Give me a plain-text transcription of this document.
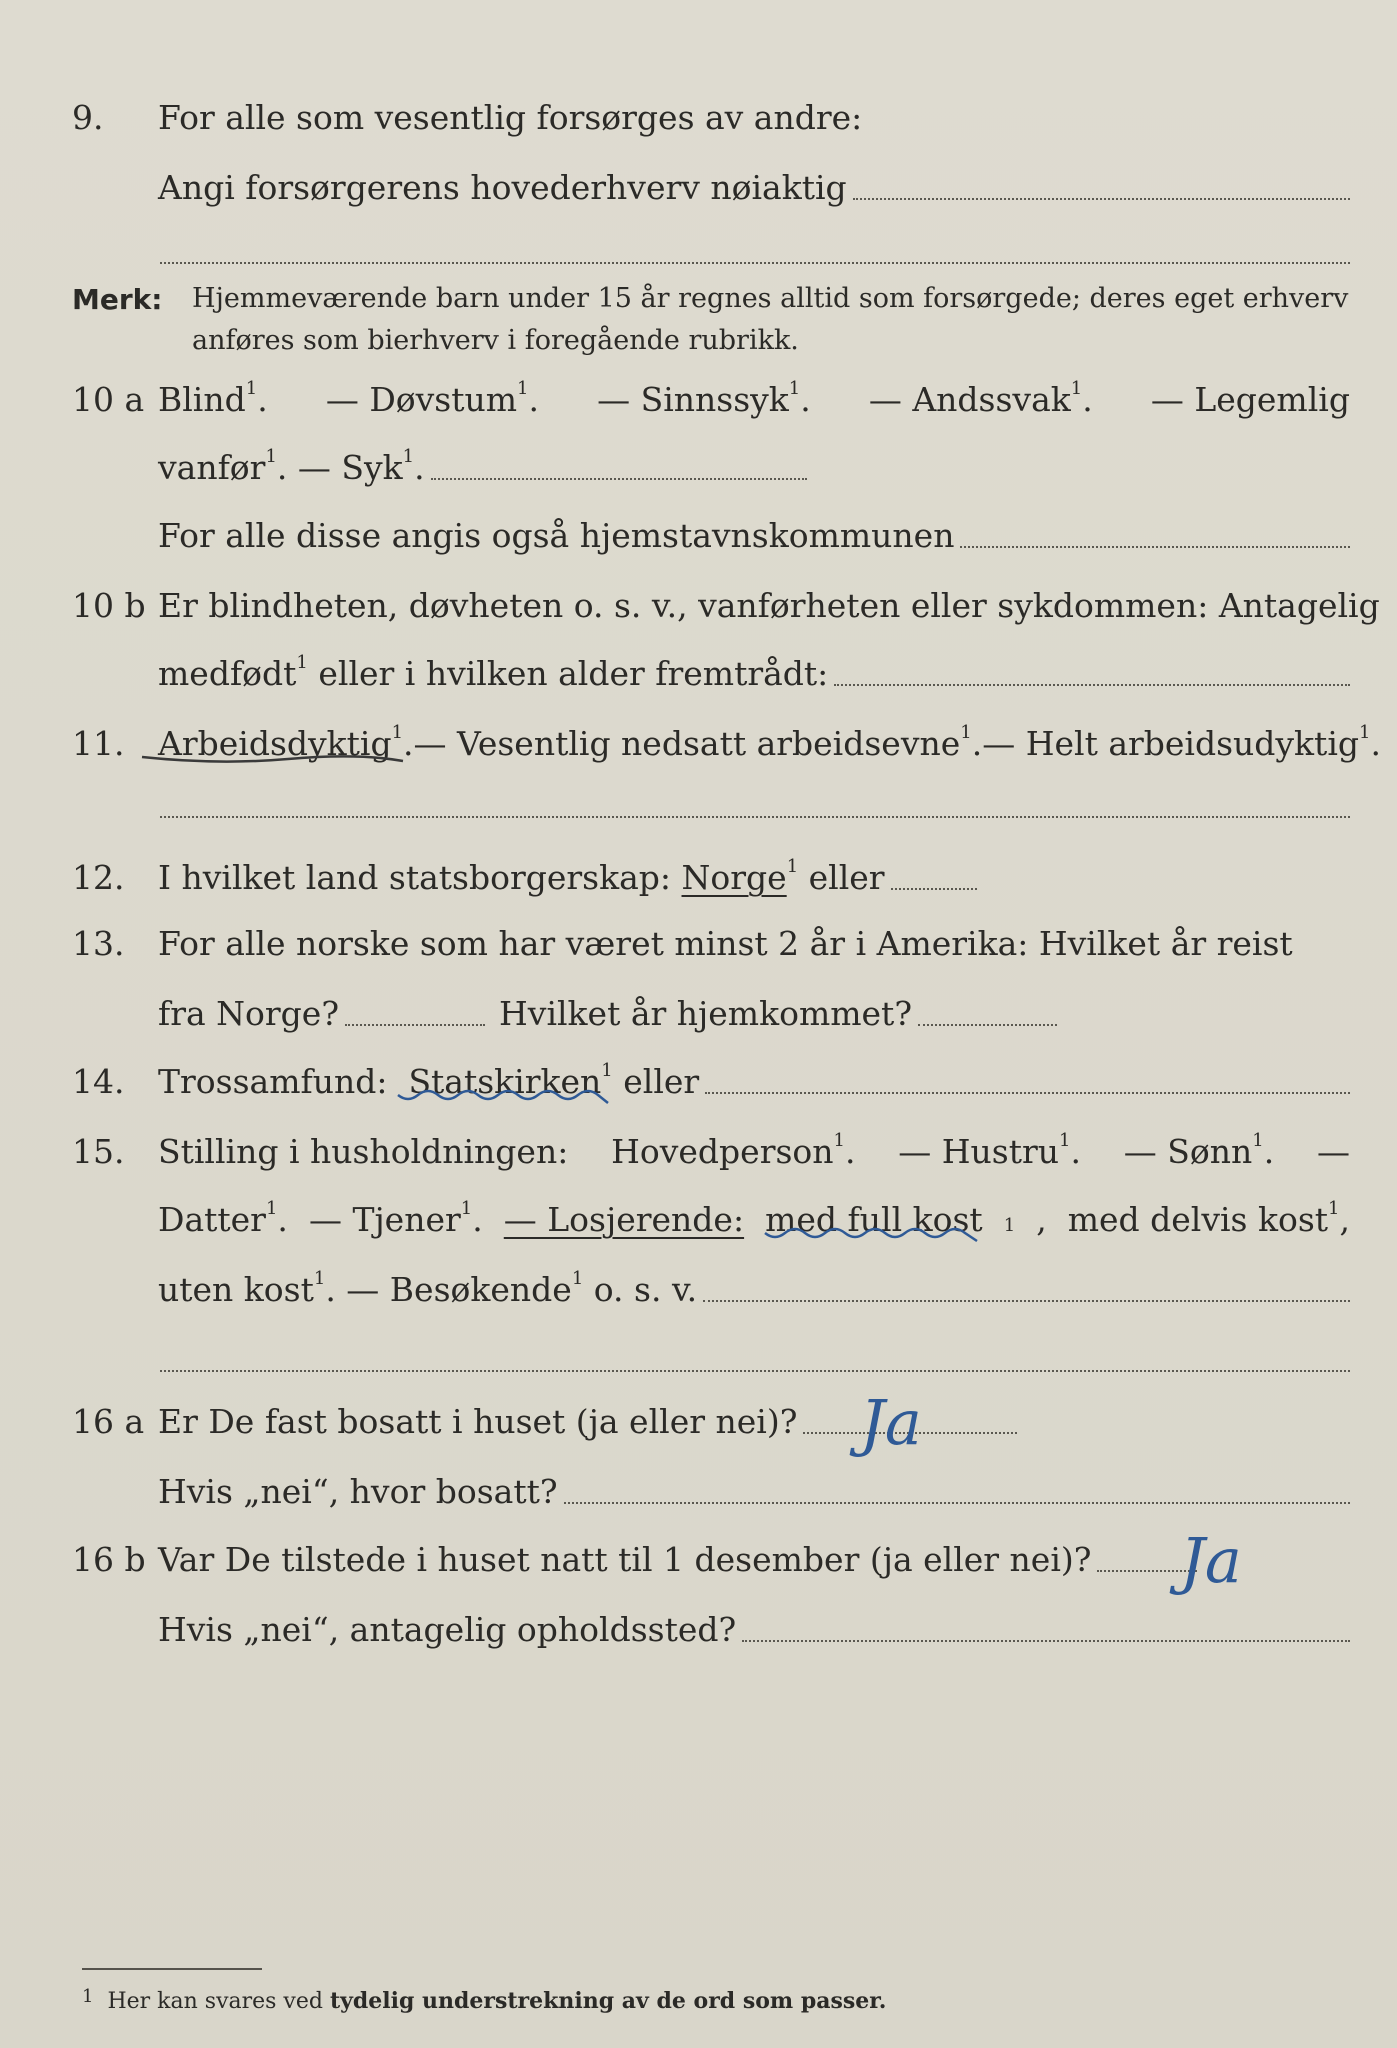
9.	For alle som vesentlig forsørges av andre:
Angi forsørgerens hovederhverv nøiaktig
Merk: Hjemmeværende barn under 15 år regnes alltid som forsørgede; deres eget erhverv
anføres som bierhverv i foregående rubrikk.
10 a Blind$^1$. — Døvstum$^1$. — Sinnssyk$^1$. — Andssvak$^1$. — Legemlig
vanfør$^1$. — Syk$^1$.
For alle disse angis også hjemstavnskommunen
10 b Er blindheten, døvheten o. s. v., vanførheten eller sykdommen: Antagelig
medfødt$^1$ eller i hvilken alder fremtrådt:
11.	Arbeidsdyktig$^1$. — Vesentlig nedsatt arbeidsevne$^1$. — Helt arbeidsudyktig$^1$.
12.	I hvilket land statsborgerskap: Norge$^1$ eller
13.	For alle norske som har været minst 2 år i Amerika: Hvilket år reist
fra Norge?	Hvilket år hjemkommet?
14.	Trossamfund: Statskirken
$^1$ eller
15.	Stilling i husholdningen: Hovedperson$^1$. — Hustru$^1$. — Sønn$^1$. —
Datter$^1$. — Tjener$^1$. — Losjerende: med full kost 1 , med delvis kost$^1$,
uten kost$^1$. — Besøkende$^1$ o. s. v.
16 a Er De fast bosatt i huset (ja eller nei)? Ja
Hvis „nei“, hvor bosatt?
16 b Var De tilstede i huset natt til 1 desember (ja eller nei)? Ja
Hvis „nei“, antagelig opholdssted?
$^1$ Her kan svares ved tydelig understrekning av de ord som passer.
